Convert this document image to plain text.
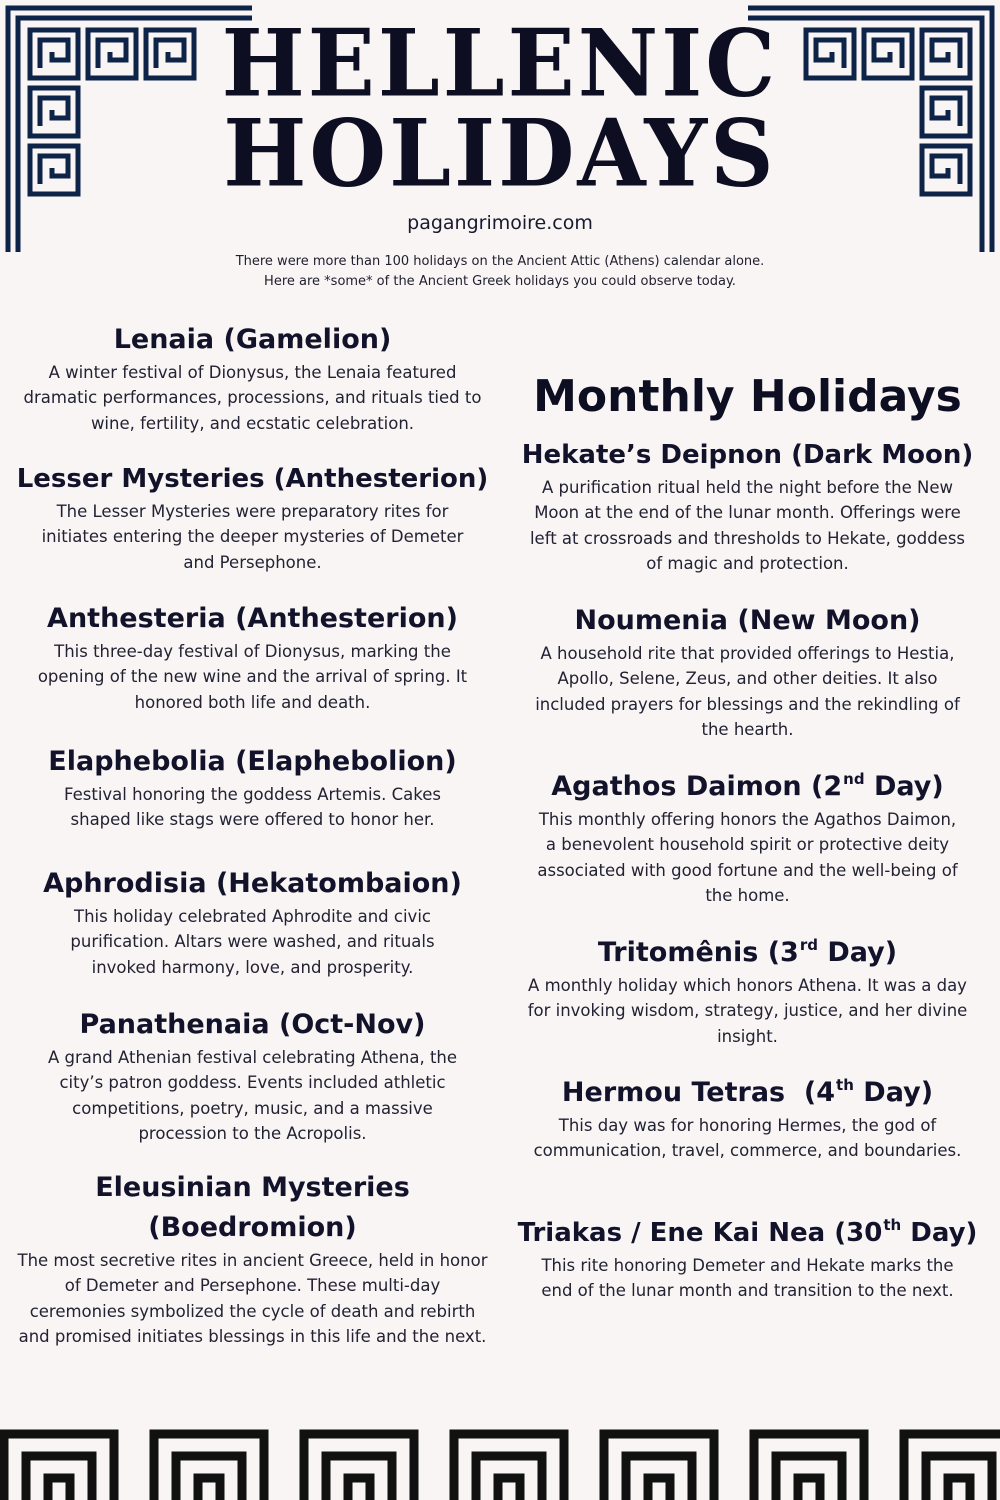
HELLENIC
HOLIDAYS
pagangrimoire.com
There were more than 100 holidays on the Ancient Attic (Athens) calendar alone. Here are *some* of the Ancient Greek holidays you could observe today.
Lenaia (Gamelion)
A winter festival of Dionysus, the Lenaia featured dramatic performances, processions, and rituals tied to wine, fertility, and ecstatic celebration.
Lesser Mysteries (Anthesterion)
The Lesser Mysteries were preparatory rites for initiates entering the deeper mysteries of Demeter and Persephone.
Anthesteria (Anthesterion)
This three-day festival of Dionysus, marking the opening of the new wine and the arrival of spring. It honored both life and death.
Elaphebolia (Elaphebolion)
Festival honoring the goddess Artemis. Cakes shaped like stags were offered to honor her.
Aphrodisia (Hekatombaion)
This holiday celebrated Aphrodite and civic purification. Altars were washed, and rituals invoked harmony, love, and prosperity.
Panathenaia (Oct-Nov)
A grand Athenian festival celebrating Athena, the city’s patron goddess. Events included athletic competitions, poetry, music, and a massive procession to the Acropolis.
Eleusinian Mysteries (Boedromion)
The most secretive rites in ancient Greece, held in honor of Demeter and Persephone. These multi-day ceremonies symbolized the cycle of death and rebirth and promised initiates blessings in this life and the next.
Monthly Holidays
Hekate’s Deipnon (Dark Moon)
A purification ritual held the night before the New Moon at the end of the lunar month. Offerings were left at crossroads and thresholds to Hekate, goddess of magic and protection.
Noumenia (New Moon)
A household rite that provided offerings to Hestia, Apollo, Selene, Zeus, and other deities. It also included prayers for blessings and the rekindling of the hearth.
Agathos Daimon (2nd Day)
This monthly offering honors the Agathos Daimon, a benevolent household spirit or protective deity associated with good fortune and the well-being of the home.
Tritomênis (3rd Day)
A monthly holiday which honors Athena. It was a day for invoking wisdom, strategy, justice, and her divine insight.
Hermou Tetras  (4th Day)
This day was for honoring Hermes, the god of communication, travel, commerce, and boundaries.
Triakas / Ene Kai Nea (30th Day)
This rite honoring Demeter and Hekate marks the end of the lunar month and transition to the next.
